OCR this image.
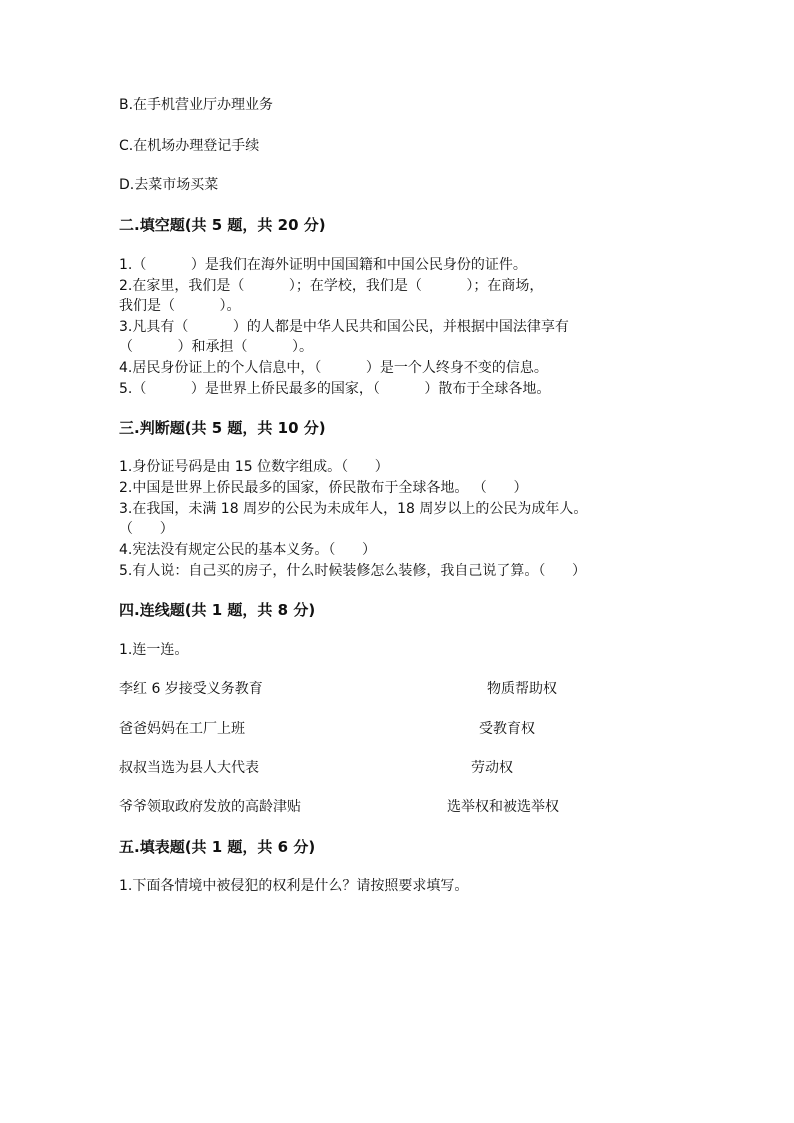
B.在手机营业厅办理业务
C.在机场办理登记手续
D.去菜市场买菜
二.填空题(共 5 题，共 20 分)
1.（          ）是我们在海外证明中国国籍和中国公民身份的证件。
2.在家里，我们是（          ）；在学校，我们是（          ）；在商场，
我们是（          ）。
3.凡具有（          ）的人都是中华人民共和国公民，并根据中国法律享有
（          ）和承担（          ）。
4.居民身份证上的个人信息中，（          ）是一个人终身不变的信息。
5.（          ）是世界上侨民最多的国家，（          ）散布于全球各地。
三.判断题(共 5 题，共 10 分)
1.身份证号码是由 15 位数字组成。（      ）
2.中国是世界上侨民最多的国家，侨民散布于全球各地。 （      ）
3.在我国，未满 18 周岁的公民为未成年人，18 周岁以上的公民为成年人。
（      ）
4.宪法没有规定公民的基本义务。（      ）
5.有人说：自己买的房子，什么时候装修怎么装修，我自己说了算。（      ）
四.连线题(共 1 题，共 8 分)
1.连一连。
李红 6 岁接受义务教育	物质帮助权
爸爸妈妈在工厂上班	受教育权
叔叔当选为县人大代表	劳动权
爷爷领取政府发放的高龄津贴	选举权和被选举权
五.填表题(共 1 题，共 6 分)
1.下面各情境中被侵犯的权利是什么？请按照要求填写。
